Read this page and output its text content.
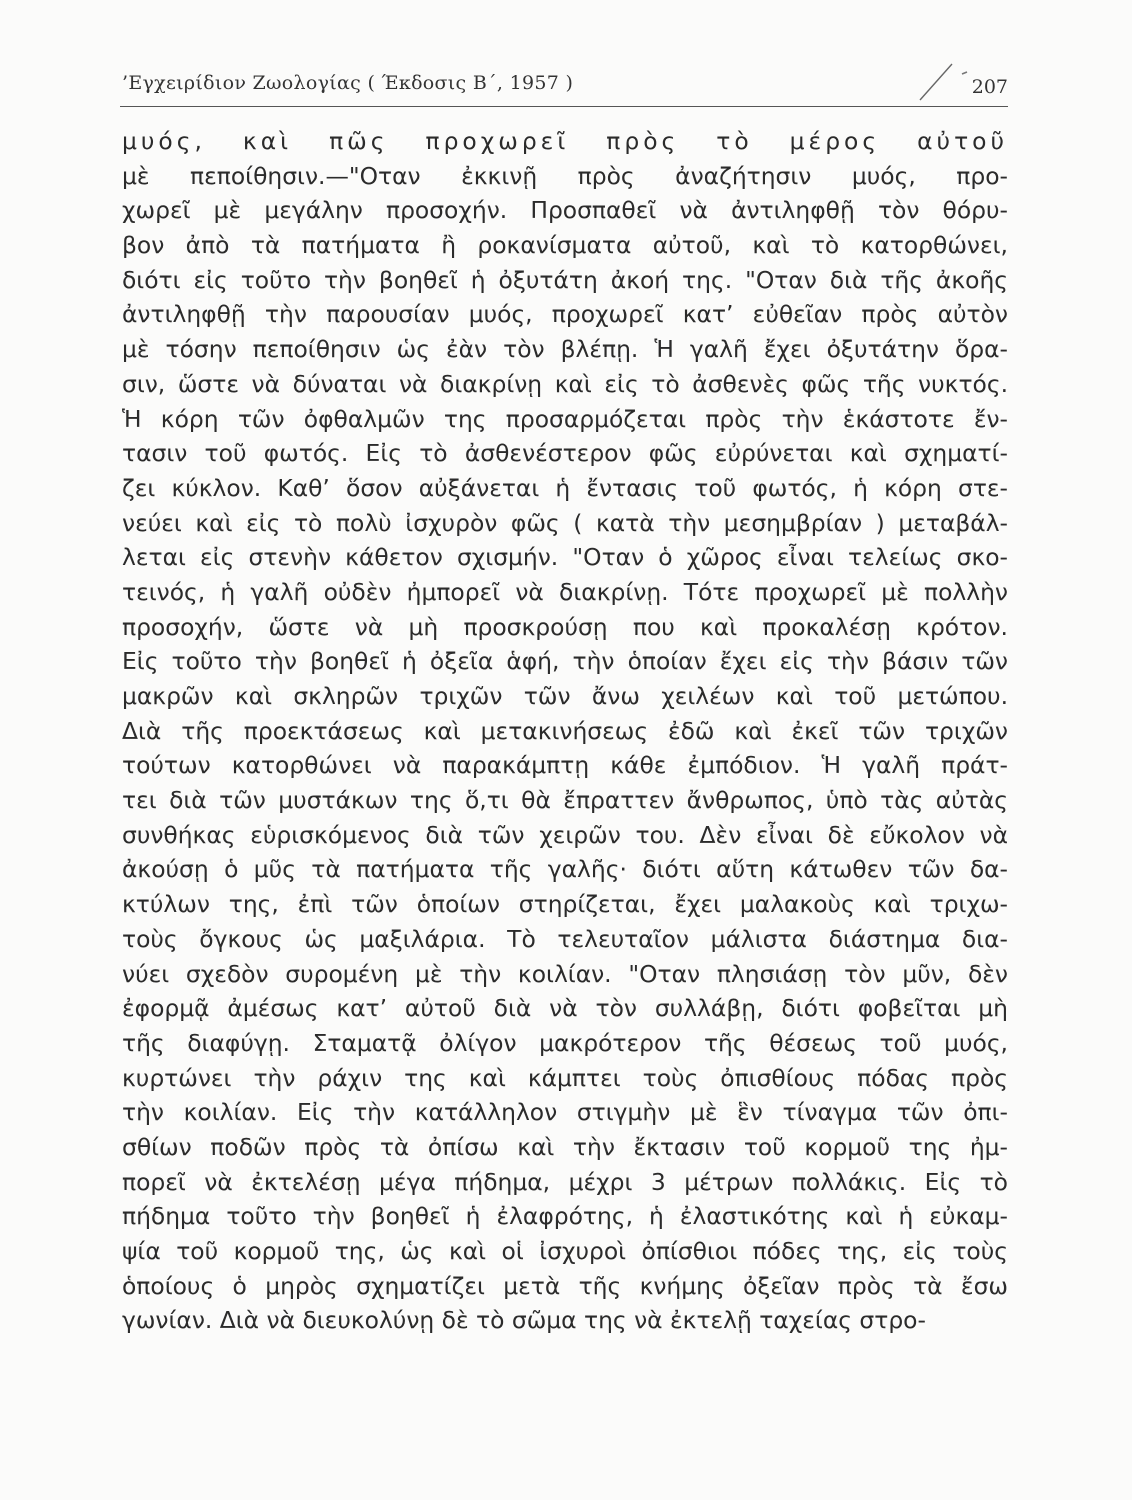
’Εγχειρίδιον Ζωολογίας ( Έκδοσις Β΄, 1957 )	207
μυός, καὶ πῶς προχωρεῖ πρὸς τὸ μέρος αὐτοῦ
μὲ πεποίθησιν.—"Οταν ἐκκινῇ πρὸς ἀναζήτησιν μυός, προ-
χωρεῖ μὲ μεγάλην προσοχήν. Προσπαθεῖ νὰ ἀντιληφθῇ τὸν θόρυ-
βον ἀπὸ τὰ πατήματα ἢ ροκανίσματα αὐτοῦ, καὶ τὸ κατορθώνει,
διότι εἰς τοῦτο τὴν βοηθεῖ ἡ ὀξυτάτη ἀκοή της. "Οταν διὰ τῆς ἀκοῆς
ἀντιληφθῇ τὴν παρουσίαν μυός, προχωρεῖ κατ’ εὐθεῖαν πρὸς αὐτὸν
μὲ τόσην πεποίθησιν ὡς ἐὰν τὸν βλέπῃ. Ἡ γαλῆ ἔχει ὀξυτάτην ὅρα-
σιν, ὥστε νὰ δύναται νὰ διακρίνῃ καὶ εἰς τὸ ἀσθενὲς φῶς τῆς νυκτός.
Ἡ κόρη τῶν ὀφθαλμῶν της προσαρμόζεται πρὸς τὴν ἑκάστοτε ἔν-
τασιν τοῦ φωτός. Εἰς τὸ ἀσθενέστερον φῶς εὐρύνεται καὶ σχηματί-
ζει κύκλον. Καθ’ ὅσον αὐξάνεται ἡ ἔντασις τοῦ φωτός, ἡ κόρη στε-
νεύει καὶ εἰς τὸ πολὺ ἰσχυρὸν φῶς ( κατὰ τὴν μεσημβρίαν ) μεταβάλ-
λεται εἰς στενὴν κάθετον σχισμήν. "Οταν ὁ χῶρος εἶναι τελείως σκο-
τεινός, ἡ γαλῆ οὐδὲν ἠμπορεῖ νὰ διακρίνῃ. Τότε προχωρεῖ μὲ πολλὴν
προσοχήν, ὥστε νὰ μὴ προσκρούσῃ που καὶ προκαλέσῃ κρότον.
Εἰς τοῦτο τὴν βοηθεῖ ἡ ὀξεῖα ἁφή, τὴν ὁποίαν ἔχει εἰς τὴν βάσιν τῶν
μακρῶν καὶ σκληρῶν τριχῶν τῶν ἄνω χειλέων καὶ τοῦ μετώπου.
Διὰ τῆς προεκτάσεως καὶ μετακινήσεως ἐδῶ καὶ ἐκεῖ τῶν τριχῶν
τούτων κατορθώνει νὰ παρακάμπτῃ κάθε ἐμπόδιον. Ἡ γαλῆ πράτ-
τει διὰ τῶν μυστάκων της ὅ,τι θὰ ἔπραττεν ἄνθρωπος, ὑπὸ τὰς αὐτὰς
συνθήκας εὑρισκόμενος διὰ τῶν χειρῶν του. Δὲν εἶναι δὲ εὔκολον νὰ
ἀκούσῃ ὁ μῦς τὰ πατήματα τῆς γαλῆς· διότι αὕτη κάτωθεν τῶν δα-
κτύλων της, ἐπὶ τῶν ὁποίων στηρίζεται, ἔχει μαλακοὺς καὶ τριχω-
τοὺς ὄγκους ὡς μαξιλάρια. Τὸ τελευταῖον μάλιστα διάστημα δια-
νύει σχεδὸν συρομένη μὲ τὴν κοιλίαν. "Οταν πλησιάσῃ τὸν μῦν, δὲν
ἐφορμᾷ ἀμέσως κατ’ αὐτοῦ διὰ νὰ τὸν συλλάβῃ, διότι φοβεῖται μὴ
τῆς διαφύγῃ. Σταματᾷ ὀλίγον μακρότερον τῆς θέσεως τοῦ μυός,
κυρτώνει τὴν ράχιν της καὶ κάμπτει τοὺς ὀπισθίους πόδας πρὸς
τὴν κοιλίαν. Εἰς τὴν κατάλληλον στιγμὴν μὲ ἓν τίναγμα τῶν ὀπι-
σθίων ποδῶν πρὸς τὰ ὀπίσω καὶ τὴν ἔκτασιν τοῦ κορμοῦ της ἠμ-
πορεῖ νὰ ἐκτελέσῃ μέγα πήδημα, μέχρι 3 μέτρων πολλάκις. Εἰς τὸ
πήδημα τοῦτο τὴν βοηθεῖ ἡ ἐλαφρότης, ἡ ἐλαστικότης καὶ ἡ εὐκαμ-
ψία τοῦ κορμοῦ της, ὡς καὶ οἱ ἰσχυροὶ ὀπίσθιοι πόδες της, εἰς τοὺς
ὁποίους ὁ μηρὸς σχηματίζει μετὰ τῆς κνήμης ὀξεῖαν πρὸς τὰ ἔσω
γωνίαν. Διὰ νὰ διευκολύνῃ δὲ τὸ σῶμα της νὰ ἐκτελῇ ταχείας στρο-
